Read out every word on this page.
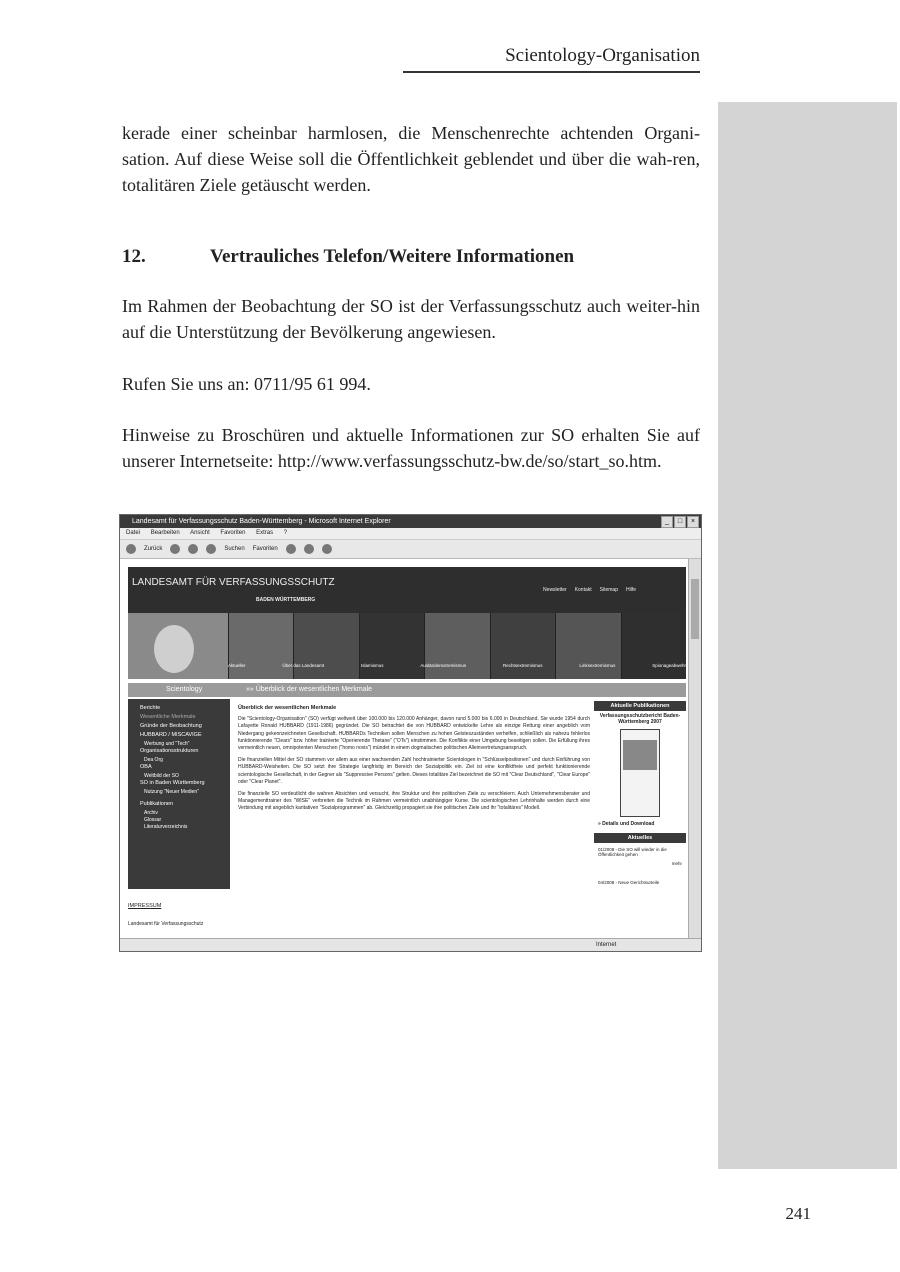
Scientology-Organisation

kerade einer scheinbar harmlosen, die Menschenrechte achtenden Organi-sation. Auf diese Weise soll die Öffentlichkeit geblendet und über die wah-ren, totalitären Ziele getäuscht werden.

12.	Vertrauliches Telefon/Weitere Informationen

Im Rahmen der Beobachtung der SO ist der Verfassungsschutz auch weiter-hin auf die Unterstützung der Bevölkerung angewiesen.

Rufen Sie uns an: 0711/95 61 994.

Hinweise zu Broschüren und aktuelle Informationen zur SO erhalten Sie auf unserer Internetseite: http://www.verfassungsschutz-bw.de/so/start_so.htm.

Landesamt für Verfassungsschutz Baden-Württemberg - Microsoft Internet Explorer	_	□	×
Datei Bearbeiten Ansicht Favoriten Extras ?
Zurück	Suchen Favoriten
LANDESAMT FÜR VERFASSUNGSSCHUTZ
BADEN WÜRTTEMBERG
Newsletter Kontakt Sitemap Hilfe
Aktueller	Über das Landesamt	Islamismus	Ausländerextremismus	Rechtsextremismus	Linksextremismus	Spionageabwehr
Scientology	»» Überblick der wesentlichen Merkmale
Berichte
Wesentliche Merkmale
Gründe der Beobachtung
HUBBARD / MISCAVIGE
Werbung und "Tech"
Organisationsstrukturen
Dea Org
OBA
Weltbild der SO
SO in Baden Württemberg
Nutzung "Neuer Medien"
Publikationen
Archiv
Glossar
Literaturverzeichnis
IMPRESSUM
Landesamt für Verfassungsschutz
Überblick der wesentlichen Merkmale

Die "Scientology-Organisation" (SO) verfügt weltweit über 100.000 bis 120.000 Anhänger, davon rund 5.000 bis 6.000 in Deutschland. Sie wurde 1954 durch Lafayette Ronald HUBBARD (1911-1986) gegründet. Die SO betrachtet die von HUBBARD entwickelte Lehre als einzige Rettung einer angeblich vom Niedergang gekennzeichneten Gesellschaft. HUBBARDs Techniken sollen Menschen zu hohen Geisteszuständen verhelfen, schließlich als nahezu fehlerlos funktionierende "Clears" bzw. höher trainierte "Operierende Thetane" ("OTs") einstimmen. Die Konflikte einer Umgebung beseitigen sollen. Die Erfüllung ihres vermeintlich neuen, omnipotenten Menschen ("homo novis") mündet in einem dogmatischen politischen Alleinvertretungsanspruch.

Die finanziellen Mittel der SO stammen vor allem aus einer wachsenden Zahl hochtrainierter Scientologen in "Schlüsselpositionen" und durch Einführung von HUBBARD-Weisheiten. Die SO setzt ihre Strategie langfristig im Bereich der Sozialpolitik ein. Ziel ist eine konfliktfreie und perfekt funktionierende scientologische Gesellschaft, in der Gegner als "Suppressive Persons" gelten. Dieses totalitäre Ziel bezeichnet die SO mit "Clear Deutschland", "Clear Europe" oder "Clear Planet".

Die finanzielle SO verdeutlicht die wahren Absichten und versucht, ihre Struktur und ihre politischen Ziele zu verschleiern. Auch Unternehmensberater und Managementtrainer des "WISE" verbreiten die Technik im Rahmen vermeintlich unabhängiger Kurse. Die scientologischen Lehrinhalte werden durch eine Verbindung mit angeblich karitativen "Sozialprogrammen" ab. Gleichzeitig propagiert sie ihre politischen Ziele und ihr "totalitäres" Modell.

Aktuelle Publikationen
Verfassungsschutzbericht Baden-Württemberg 2007
» Details und Download
Aktuelles
01/2008 - Die SO will wieder in die Öffentlichkeit gehen
mehr
04/2008 - Neue Gerichtsurteile
Internet
241
